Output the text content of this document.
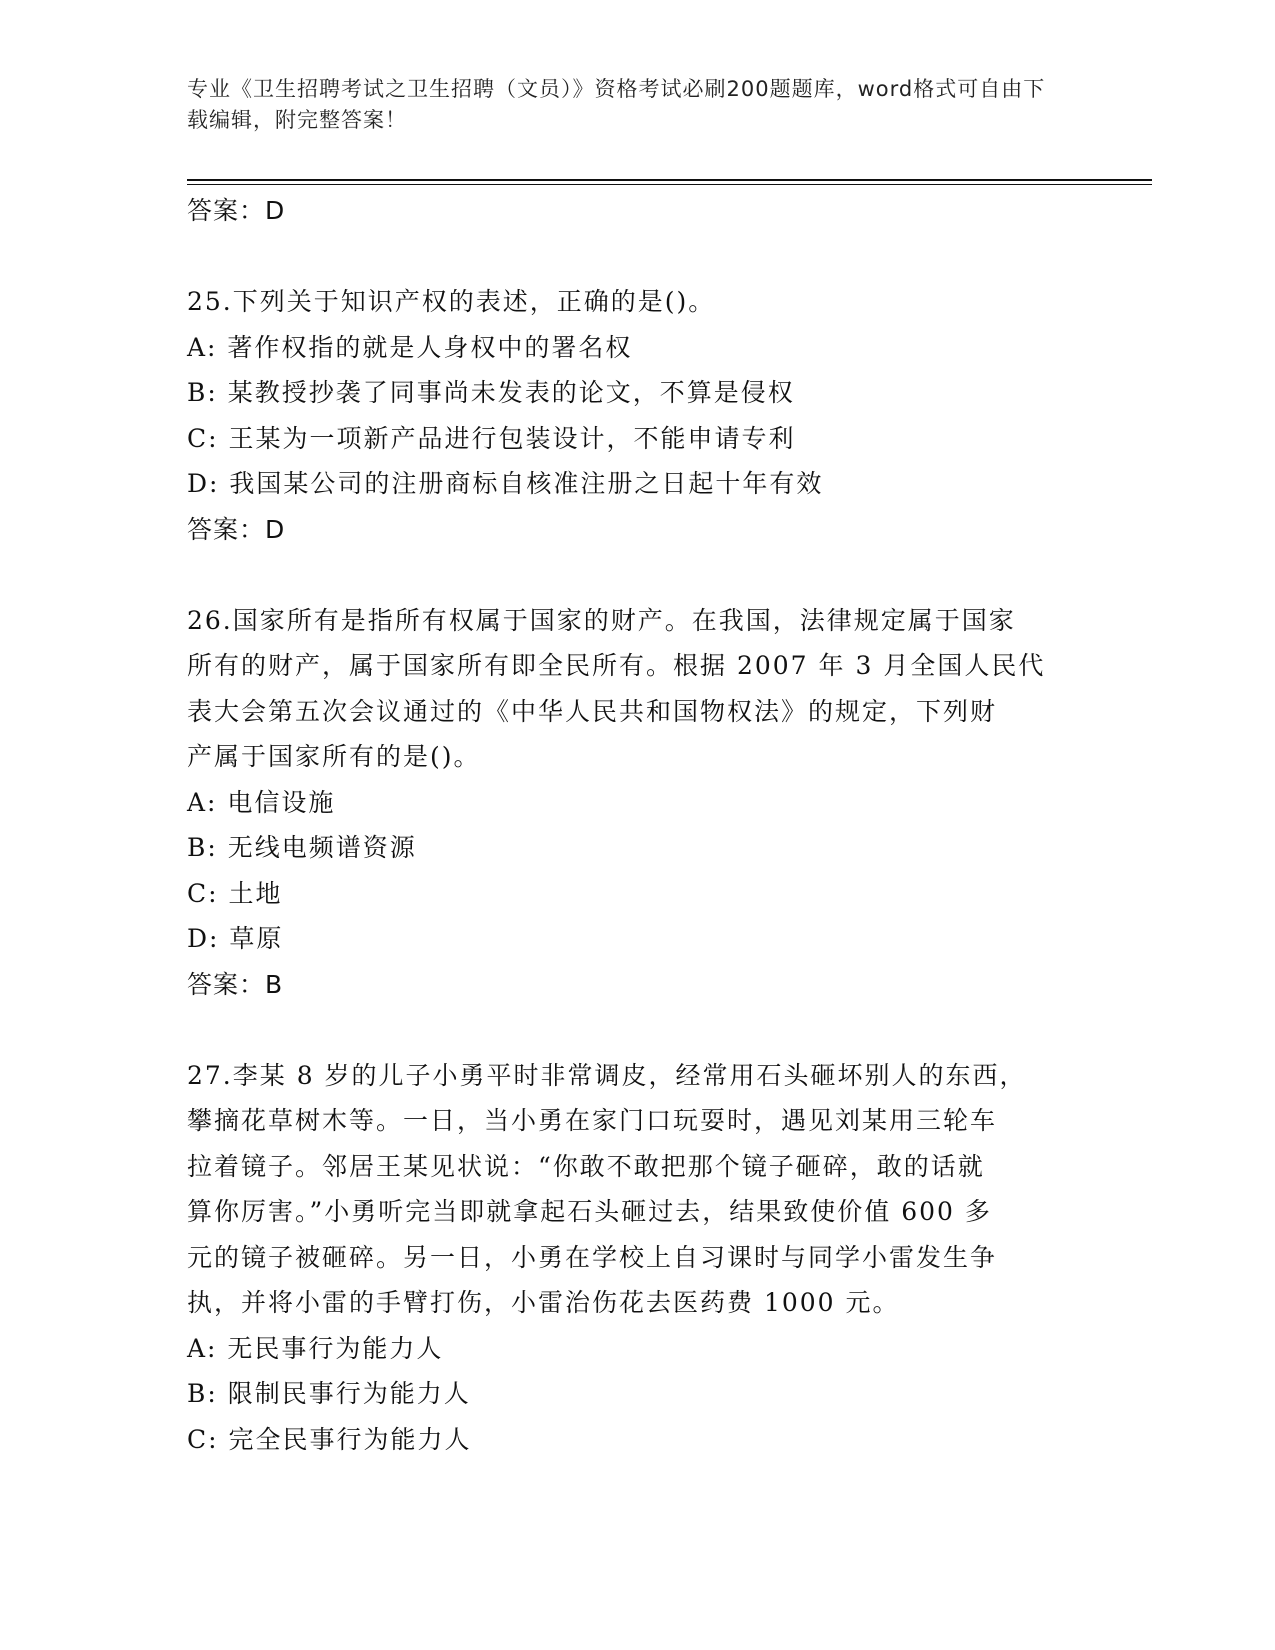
专业《卫生招聘考试之卫生招聘（文员）》资格考试必刷200题题库，word格式可自由下载编辑，附完整答案！
答案：D
25.下列关于知识产权的表述，正确的是()。
A: 著作权指的就是人身权中的署名权
B: 某教授抄袭了同事尚未发表的论文，不算是侵权
C: 王某为一项新产品进行包装设计，不能申请专利
D: 我国某公司的注册商标自核准注册之日起十年有效
答案：D
26.国家所有是指所有权属于国家的财产。在我国，法律规定属于国家
所有的财产，属于国家所有即全民所有。根据 2007 年 3 月全国人民代
表大会第五次会议通过的《中华人民共和国物权法》的规定，下列财
产属于国家所有的是()。
A: 电信设施
B: 无线电频谱资源
C: 土地
D: 草原
答案：B
27.李某 8 岁的儿子小勇平时非常调皮，经常用石头砸坏别人的东西，
攀摘花草树木等。一日，当小勇在家门口玩耍时，遇见刘某用三轮车
拉着镜子。邻居王某见状说：“你敢不敢把那个镜子砸碎，敢的话就
算你厉害。”小勇听完当即就拿起石头砸过去，结果致使价值 600 多
元的镜子被砸碎。另一日，小勇在学校上自习课时与同学小雷发生争
执，并将小雷的手臂打伤，小雷治伤花去医药费 1000 元。
A: 无民事行为能力人
B: 限制民事行为能力人
C: 完全民事行为能力人
